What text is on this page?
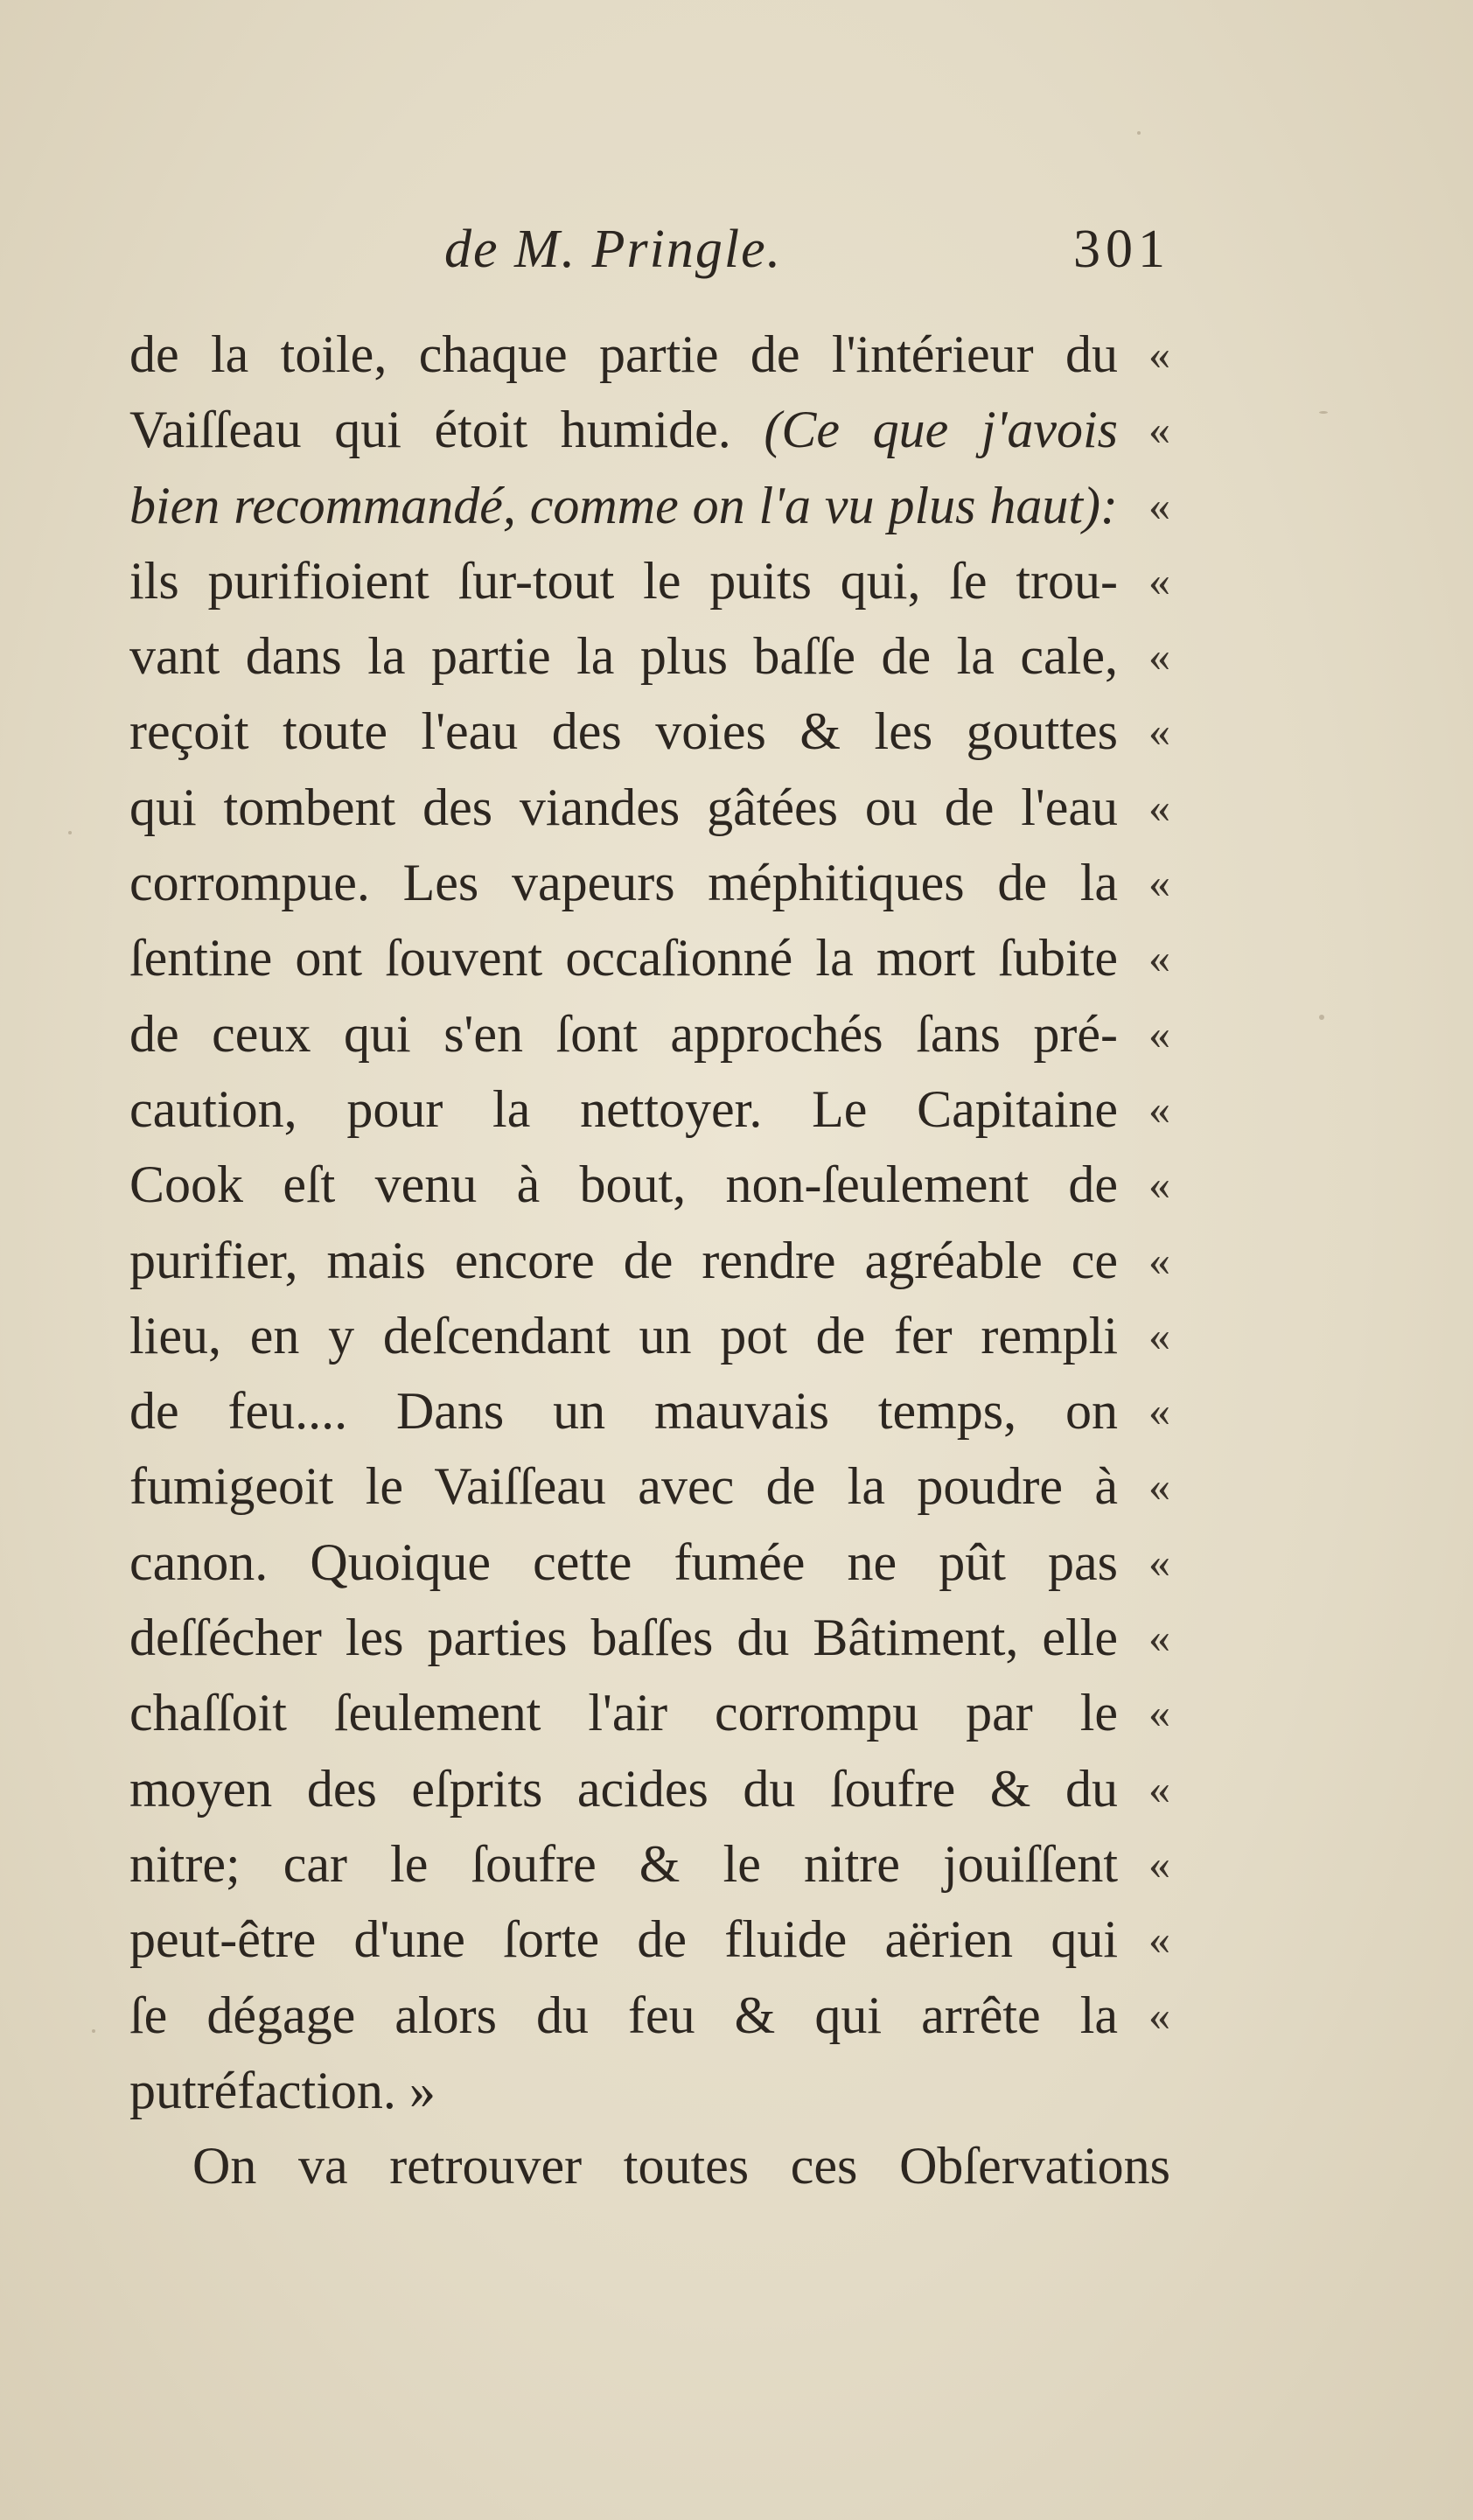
de M. Pringle.	301
de la toile, chaque partie de l'intérieur du «
Vaiſſeau qui étoit humide. (Ce que j'avois «
bien recommandé, comme on l'a vu plus haut): «
ils purifioient ſur-tout le puits qui, ſe trou- «
vant dans la partie la plus baſſe de la cale, «
reçoit toute l'eau des voies & les gouttes «
qui tombent des viandes gâtées ou de l'eau «
corrompue. Les vapeurs méphitiques de la «
ſentine ont ſouvent occaſionné la mort ſubite «
de ceux qui s'en ſont approchés ſans pré- «
caution, pour la nettoyer. Le Capitaine «
Cook eſt venu à bout, non-ſeulement de «
purifier, mais encore de rendre agréable ce «
lieu, en y deſcendant un pot de fer rempli «
de feu.... Dans un mauvais temps, on «
fumigeoit le Vaiſſeau avec de la poudre à «
canon. Quoique cette fumée ne pût pas «
deſſécher les parties baſſes du Bâtiment, elle «
chaſſoit ſeulement l'air corrompu par le «
moyen des eſprits acides du ſoufre & du «
nitre; car le ſoufre & le nitre jouiſſent «
peut-être d'une ſorte de fluide aërien qui «
ſe dégage alors du feu & qui arrête la «
putréfaction. »
On va retrouver toutes ces Obſervations
